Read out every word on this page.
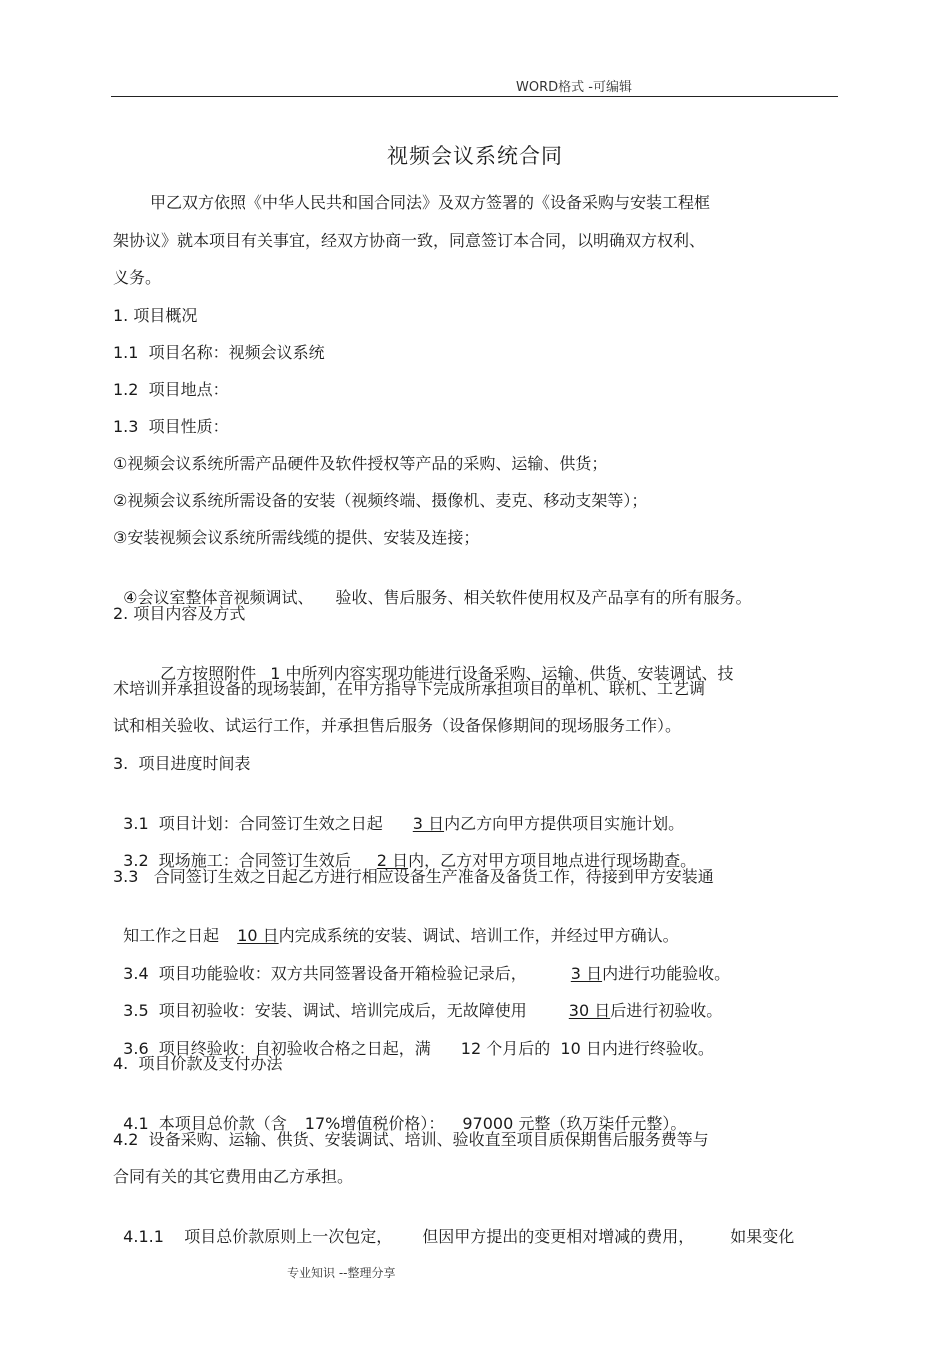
WORD格式 -可编辑
视频会议系统合同
甲乙双方依照《中华人民共和国合同法》及双方签署的《设备采购与安装工程框
架协议》就本项目有关事宜，经双方协商一致，同意签订本合同，以明确双方权利、
义务。
1. 项目概况
1.1  项目名称：视频会议系统
1.2  项目地点：
1.3  项目性质：
①视频会议系统所需产品硬件及软件授权等产品的采购、运输、供货；
②视频会议系统所需设备的安装（视频终端、摄像机、麦克、移动支架等）；
③安装视频会议系统所需线缆的提供、安装及连接；

④会议室整体音视频调试、 验收、售后服务、相关软件使用权及产品享有的所有服务。

2. 项目内容及方式

乙方按照附件 1 中所列内容实现功能进行设备采购、运输、供货、安装调试、技

术培训并承担设备的现场装卸，在甲方指导下完成所承担项目的单机、联机、工艺调
试和相关验收、试运行工作，并承担售后服务（设备保修期间的现场服务工作）。
3.  项目进度时间表

3.1  项目计划：合同签订生效之日起 3 日内乙方向甲方提供项目实施计划。

3.2  现场施工：合同签订生效后 2 日内，乙方对甲方项目地点进行现场勘查。

3.3   合同签订生效之日起乙方进行相应设备生产准备及备货工作，待接到甲方安装通

知工作之日起 10 日内完成系统的安装、调试、培训工作，并经过甲方确认。

3.4  项目功能验收：双方共同签署设备开箱检验记录后，	3 日内进行功能验收。

3.5  项目初验收：安装、调试、培训完成后，无故障使用	30 日后进行初验收。

3.6  项目终验收：自初验收合格之日起，满 12 个月后的  10 日内进行终验收。

4.  项目价款及支付办法

4.1  本项目总价款（含 17%增值税价格）： 97000 元整（玖万柒仟元整）。

4.2  设备采购、运输、供货、安装调试、培训、验收直至项目质保期售后服务费等与
合同有关的其它费用由乙方承担。

4.1.1    项目总价款原则上一次包定， 但因甲方提出的变更相对增减的费用， 如果变化

专业知识 --整理分享
